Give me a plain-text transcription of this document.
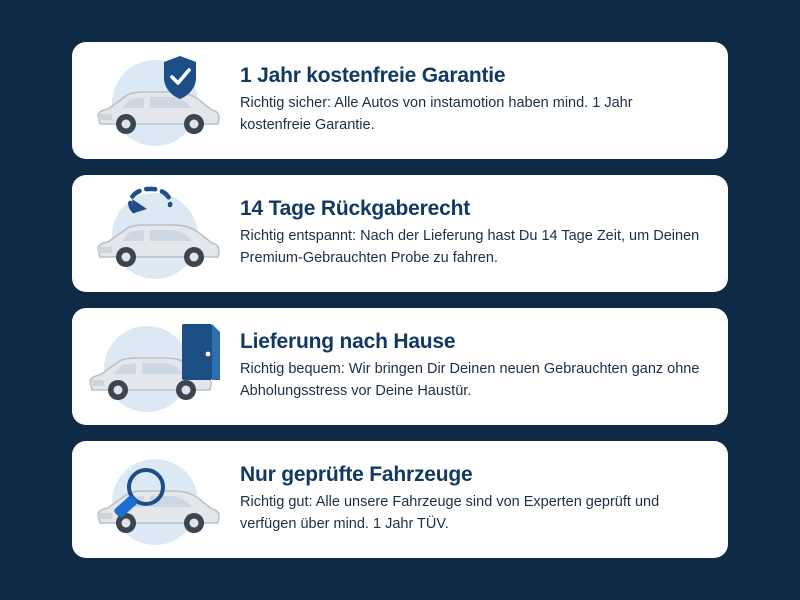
1 Jahr kostenfreie Garantie
Richtig sicher: Alle Autos von instamotion haben mind. 1 Jahr kostenfreie Garantie.
14 Tage Rückgaberecht
Richtig entspannt: Nach der Lieferung hast Du 14 Tage Zeit, um Deinen Premium-Gebrauchten Probe zu fahren.
Lieferung nach Hause
Richtig bequem: Wir bringen Dir Deinen neuen Gebrauchten ganz ohne Abholungsstress vor Deine Haustür.
Nur geprüfte Fahrzeuge
Richtig gut: Alle unsere Fahrzeuge sind von Experten geprüft und verfügen über mind. 1 Jahr TÜV.
